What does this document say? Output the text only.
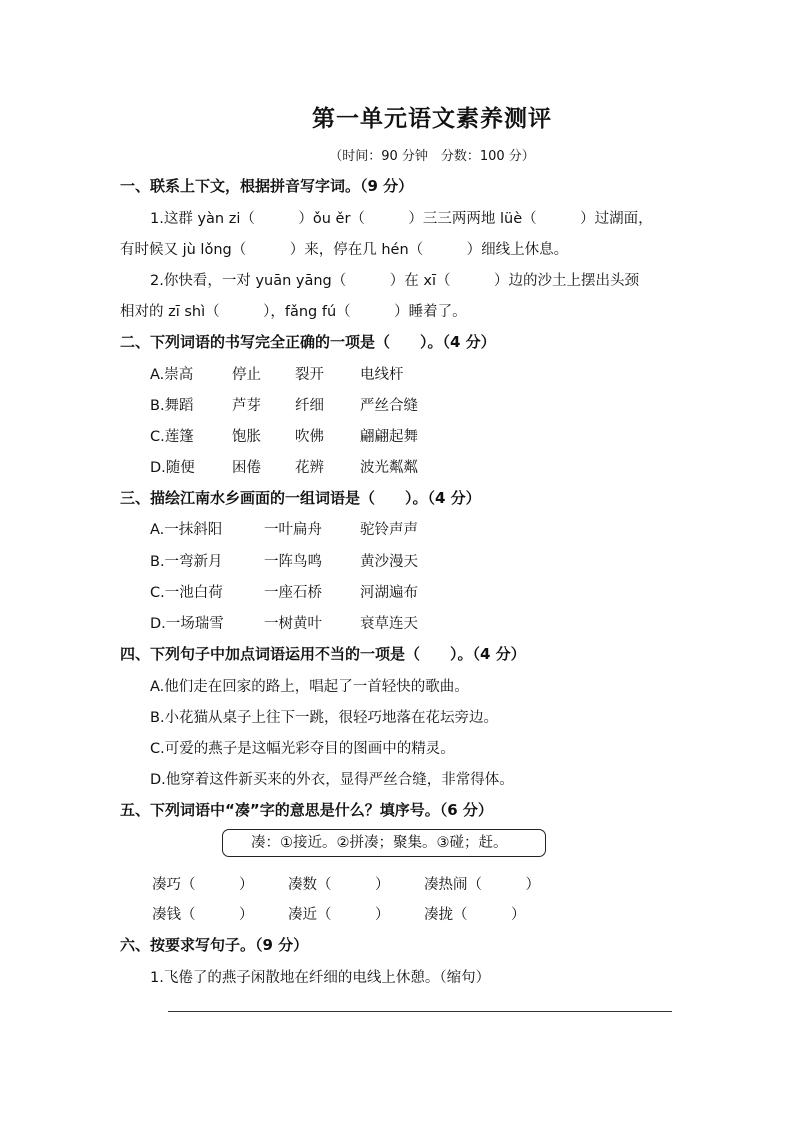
第一单元语文素养测评
（时间：90 分钟　分数：100 分）
一、联系上下文，根据拼音写字词。（9 分）
1.这群 yàn zi（　　　）ǒu ěr（　　　）三三两两地 lüè（　　　）过湖面，
有时候又 jù lǒng（　　　）来，停在几 hén（　　　）细线上休息。
2.你快看，一对 yuān yāng（　　　）在 xī（　　　）边的沙土上摆出头颈
相对的 zī shì（　　　），fǎng fú（　　　）睡着了。
二、下列词语的书写完全正确的一项是（　　）。（4 分）
A.崇高	停止 裂开 电线杆
B.舞蹈	芦芽 纤细 严丝合缝
C.莲篷	饱胀 吹佛 翩翩起舞
D.随便	困倦 花辨 波光粼粼
三、描绘江南水乡画面的一组词语是（　　）。（4 分）
A.一抹斜阳	一叶扁舟	驼铃声声
B.一弯新月	一阵鸟鸣	黄沙漫天
C.一池白荷	一座石桥	河湖遍布
D.一场瑞雪	一树黄叶	衰草连天
四、下列句子中加点词语运用不当的一项是（　　）。（4 分）
A.他们走在回家的路上，唱起了一首轻快的歌曲。
B.小花猫从桌子上往下一跳，很轻巧地落在花坛旁边。
C.可爱的燕子是这幅光彩夺目的图画中的精灵。
D.他穿着这件新买来的外衣，显得严丝合缝，非常得体。
五、下列词语中“凑”字的意思是什么？填序号。（6 分）
凑：①接近。②拼凑；聚集。③碰；赶。
凑巧（　　　） 凑数（　　　） 凑热闹（　　　）
凑钱（　　　） 凑近（　　　） 凑拢（　　　）
六、按要求写句子。（9 分）
1.飞倦了的燕子闲散地在纤细的电线上休憩。（缩句）
